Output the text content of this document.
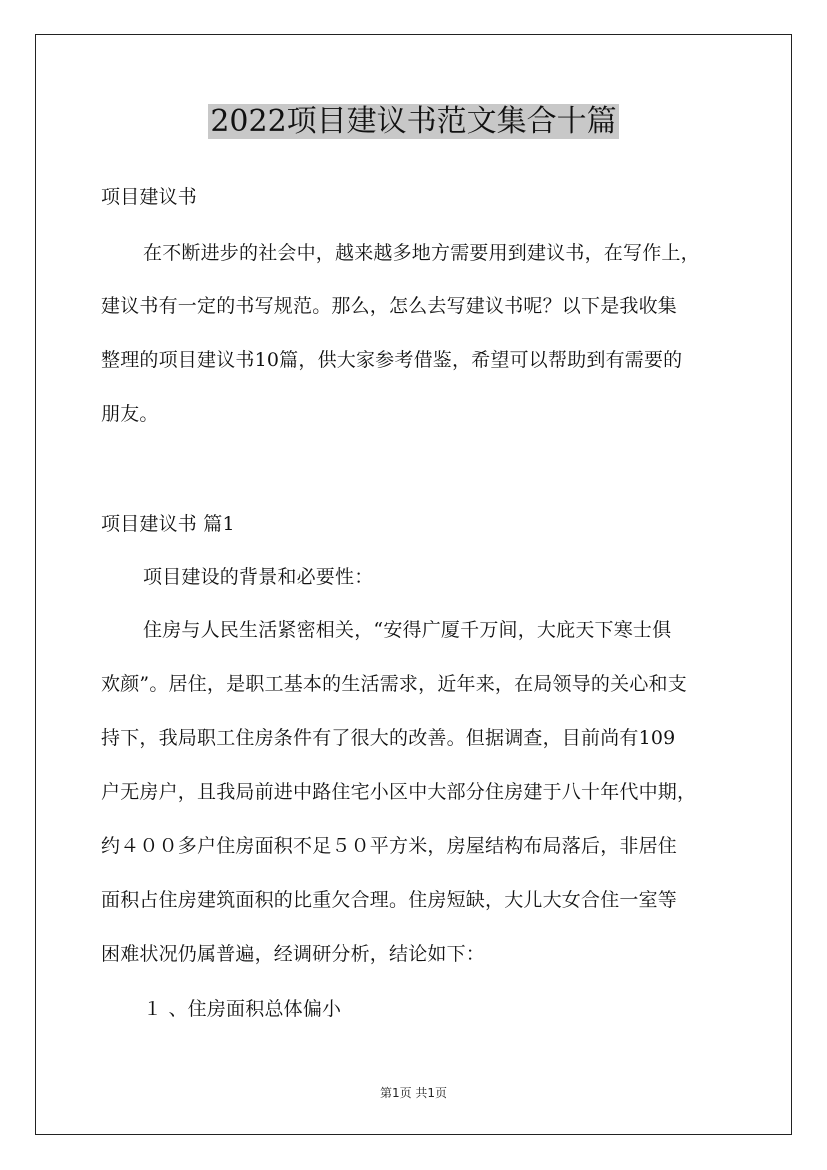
2022项目建议书范文集合十篇

项目建议书

在不断进步的社会中，越来越多地方需要用到建议书，在写作上，

建议书有一定的书写规范。那么，怎么去写建议书呢？以下是我收集

整理的项目建议书10篇，供大家参考借鉴，希望可以帮助到有需要的

朋友。

项目建议书 篇1

项目建设的背景和必要性：

住房与人民生活紧密相关，“安得广厦千万间，大庇天下寒士俱

欢颜”。居住，是职工基本的生活需求，近年来，在局领导的关心和支

持下，我局职工住房条件有了很大的改善。但据调查，目前尚有109

户无房户，且我局前进中路住宅小区中大部分住房建于八十年代中期，

约４００多户住房面积不足５０平方米，房屋结构布局落后，非居住

面积占住房建筑面积的比重欠合理。住房短缺，大儿大女合住一室等

困难状况仍属普遍，经调研分析，结论如下：

１ 、住房面积总体偏小

第1页 共1页
